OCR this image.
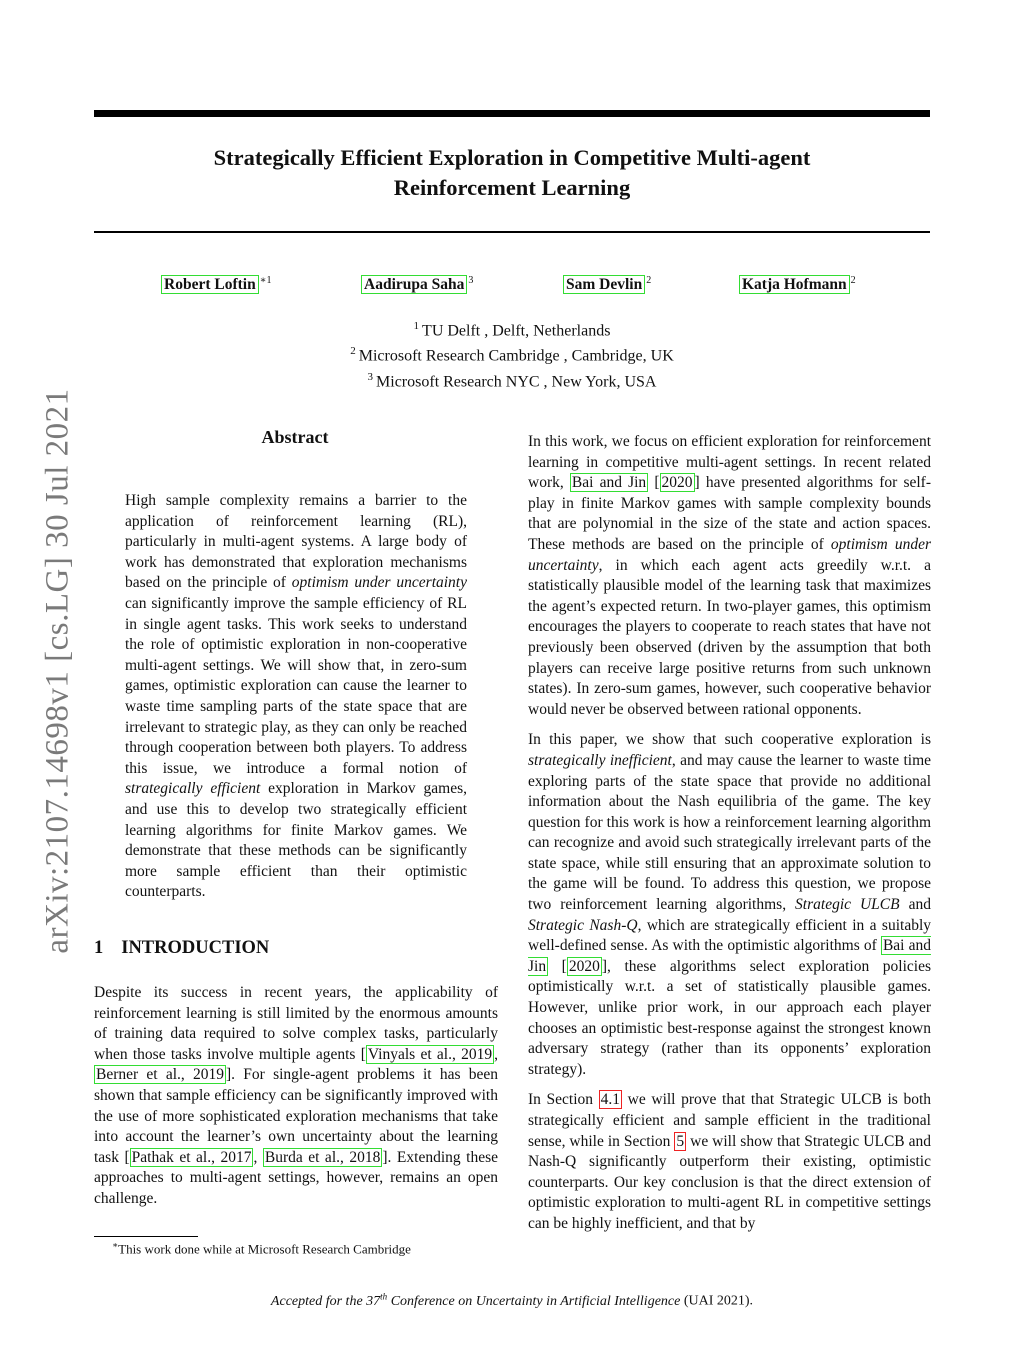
Strategically Efficient Exploration in Competitive Multi-agent
Reinforcement Learning
Robert Loftin $^{∗1}$	Aadirupa Saha $^3$	Sam Devlin $^2$	Katja Hofmann $^2$
$^1$ TU Delft , Delft, Netherlands
$^2$ Microsoft Research Cambridge , Cambridge, UK
$^3$ Microsoft Research NYC , New York, USA
arXiv:2107.14698v1 [cs.LG] 30 Jul 2021	Abstract
High sample complexity remains a barrier to the application of reinforcement learning (RL), particularly in multi-agent systems. A large body of work has demonstrated that exploration mechanisms based on the principle of optimism under uncertainty can significantly improve the sample efficiency of RL in single agent tasks. This work seeks to understand the role of optimistic exploration in non-cooperative multi-agent settings. We will show that, in zero-sum games, optimistic exploration can cause the learner to waste time sampling parts of the state space that are irrelevant to strategic play, as they can only be reached through cooperation between both players. To address this issue, we introduce a formal notion of strategically efficient exploration in Markov games, and use this to develop two strategically efficient learning algorithms for finite Markov games. We demonstrate that these methods can be significantly more sample efficient than their optimistic counterparts.
1 INTRODUCTION
Despite its success in recent years, the applicability of reinforcement learning is still limited by the enormous amounts of training data required to solve complex tasks, particularly when those tasks involve multiple agents [ Vinyals et al., 2019 , Berner et al., 2019 ]. For single-agent problems it has been shown that sample efficiency can be significantly improved with the use of more sophisticated exploration mechanisms that take into account the learner’s own uncertainty about the learning task [ Pathak et al., 2017 , Burda et al., 2018 ]. Extending these approaches to multi-agent settings, however, remains an open challenge.
∗This work done while at Microsoft Research Cambridge

In this work, we focus on efficient exploration for reinforcement learning in competitive multi-agent settings. In recent related work, Bai and Jin [ 2020 ] have presented algorithms for self-play in finite Markov games with sample complexity bounds that are polynomial in the size of the state and action spaces. These methods are based on the principle of optimism under uncertainty, in which each agent acts greedily w.r.t. a statistically plausible model of the learning task that maximizes the agent’s expected return. In two-player games, this optimism encourages the players to cooperate to reach states that have not previously been observed (driven by the assumption that both players can receive large positive returns from such unknown states). In zero-sum games, however, such cooperative behavior would never be observed between rational opponents.

In this paper, we show that such cooperative exploration is strategically inefficient, and may cause the learner to waste time exploring parts of the state space that provide no additional information about the Nash equilibria of the game. The key question for this work is how a reinforcement learning algorithm can recognize and avoid such strategically irrelevant parts of the state space, while still ensuring that an approximate solution to the game will be found. To address this question, we propose two reinforcement learning algorithms, Strategic ULCB and Strategic Nash-Q, which are strategically efficient in a suitably well-defined sense. As with the optimistic algorithms of Bai and Jin [ 2020 ], these algorithms select exploration policies optimistically w.r.t. a set of statistically plausible games. However, unlike prior work, in our approach each player chooses an optimistic best-response against the strongest known adversary strategy (rather than its opponents’ exploration strategy).

In Section 4.1 we will prove that that Strategic ULCB is both strategically efficient and sample efficient in the traditional sense, while in Section 5 we will show that Strategic ULCB and Nash-Q significantly outperform their existing, optimistic counterparts. Our key conclusion is that the direct extension of optimistic exploration to multi-agent RL in competitive settings can be highly inefficient, and that by

Accepted for the 37th Conference on Uncertainty in Artificial Intelligence (UAI 2021).
